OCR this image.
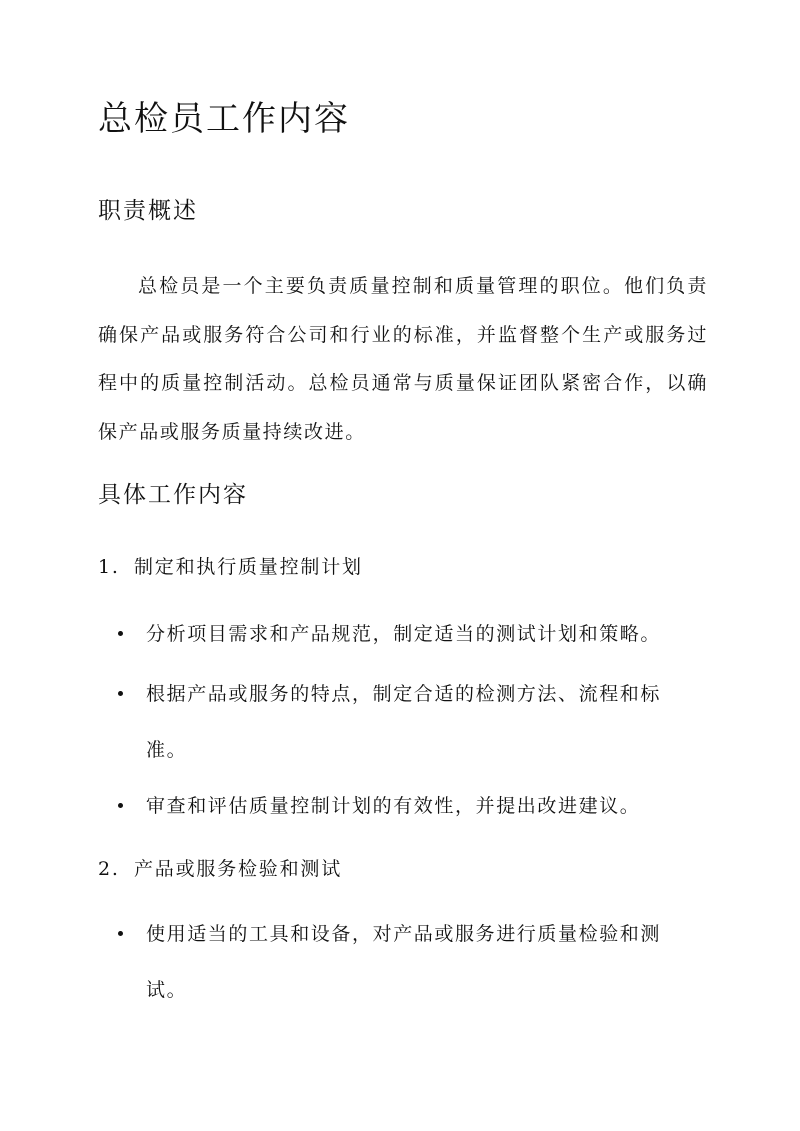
总检员工作内容
职责概述

总检员是一个主要负责质量控制和质量管理的职位。他们负责确保产品或服务符合公司和行业的标准，并监督整个生产或服务过程中的质量控制活动。总检员通常与质量保证团队紧密合作，以确保产品或服务质量持续改进。

具体工作内容
1. 制定和执行质量控制计划
分析项目需求和产品规范，制定适当的测试计划和策略。
根据产品或服务的特点，制定合适的检测方法、流程和标准。
审查和评估质量控制计划的有效性，并提出改进建议。
2. 产品或服务检验和测试
使用适当的工具和设备，对产品或服务进行质量检验和测试。
